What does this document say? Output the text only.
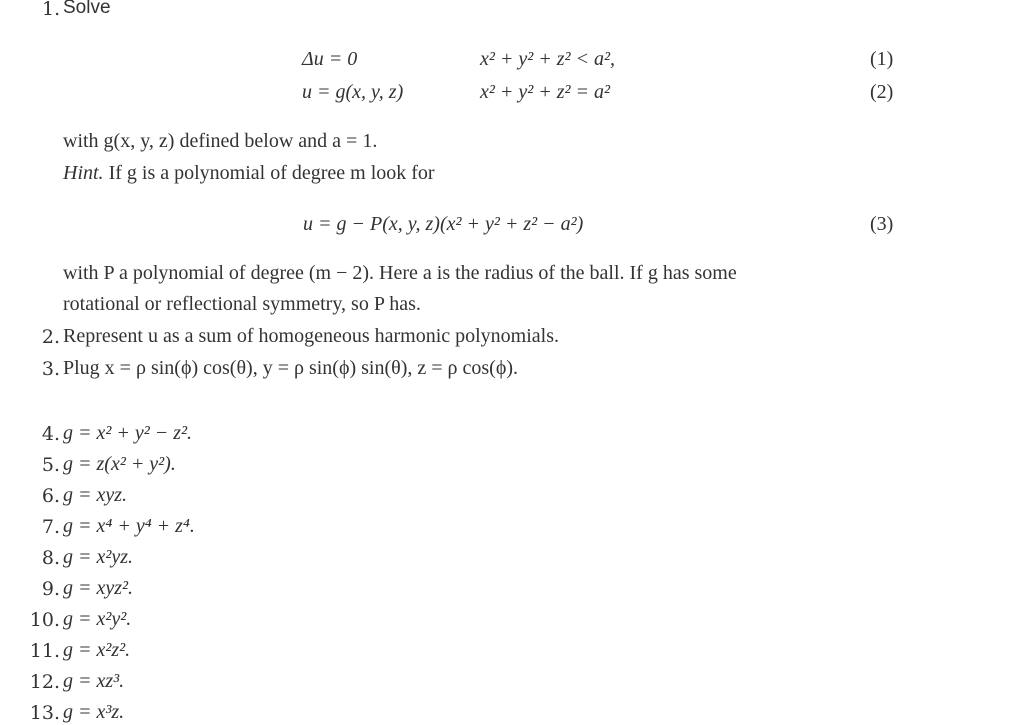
1. Solve
Δu = 0	x² + y² + z² < a²,	(1)
u = g(x, y, z)	x² + y² + z² = a²	(2)
with g(x, y, z) defined below and a = 1.
Hint. If g is a polynomial of degree m look for
u = g − P(x, y, z)(x² + y² + z² − a²)	(3)
with P a polynomial of degree (m − 2). Here a is the radius of the ball. If g has some
rotational or reflectional symmetry, so P has.
2. Represent u as a sum of homogeneous harmonic polynomials.
3. Plug x = ρ sin(ϕ) cos(θ), y = ρ sin(ϕ) sin(θ), z = ρ cos(ϕ).
4. g = x² + y² − z².
5. g = z(x² + y²).
6. g = xyz.
7. g = x⁴ + y⁴ + z⁴.
8. g = x²yz.
9. g = xyz².
10. g = x²y².
11. g = x²z².
12. g = xz³.
13. g = x³z.
